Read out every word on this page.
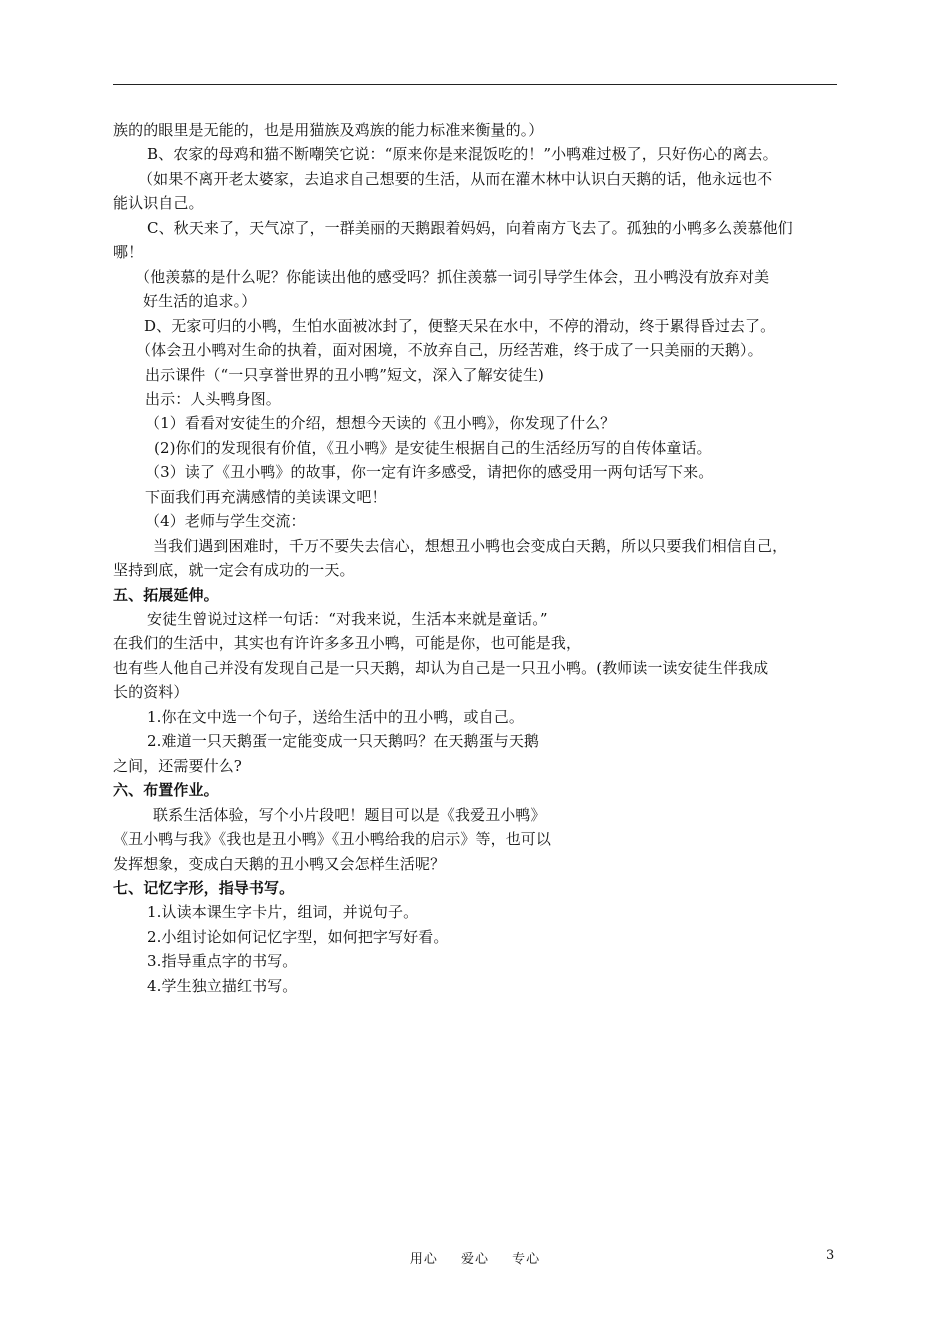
族的的眼里是无能的，也是用猫族及鸡族的能力标准来衡量的。）
B、农家的母鸡和猫不断嘲笑它说：“原来你是来混饭吃的！”小鸭难过极了，只好伤心的离去。
（如果不离开老太婆家，去追求自己想要的生活，从而在灌木林中认识白天鹅的话，他永远也不
能认识自己。
C、秋天来了，天气凉了，一群美丽的天鹅跟着妈妈，向着南方飞去了。孤独的小鸭多么羡慕他们
哪！
（他羡慕的是什么呢？你能读出他的感受吗？抓住羡慕一词引导学生体会，丑小鸭没有放弃对美
好生活的追求。）
D、无家可归的小鸭，生怕水面被冰封了，便整天呆在水中，不停的滑动，终于累得昏过去了。
（体会丑小鸭对生命的执着，面对困境，不放弃自己，历经苦难，终于成了一只美丽的天鹅）。
出示课件（“一只享誉世界的丑小鸭”短文，深入了解安徒生)
出示：人头鸭身图。
（1）看看对安徒生的介绍，想想今天读的《丑小鸭》，你发现了什么？
(2)你们的发现很有价值，《丑小鸭》是安徒生根据自己的生活经历写的自传体童话。
（3）读了《丑小鸭》的故事，你一定有许多感受，请把你的感受用一两句话写下来。
下面我们再充满感情的美读课文吧！
（4）老师与学生交流：
当我们遇到困难时，千万不要失去信心，想想丑小鸭也会变成白天鹅，所以只要我们相信自己，
坚持到底，就一定会有成功的一天。
五、拓展延伸。
安徒生曾说过这样一句话：“对我来说，生活本来就是童话。”
在我们的生活中，其实也有许许多多丑小鸭，可能是你，也可能是我，
也有些人他自己并没有发现自己是一只天鹅，却认为自己是一只丑小鸭。(教师读一读安徒生伴我成
长的资料）
1.你在文中选一个句子，送给生活中的丑小鸭，或自己。
2.难道一只天鹅蛋一定能变成一只天鹅吗？在天鹅蛋与天鹅
之间，还需要什么?
六、布置作业。
联系生活体验，写个小片段吧！题目可以是《我爱丑小鸭》
《丑小鸭与我》《我也是丑小鸭》《丑小鸭给我的启示》等，也可以
发挥想象，变成白天鹅的丑小鸭又会怎样生活呢？
七、记忆字形，指导书写。
1.认读本课生字卡片，组词，并说句子。
2.小组讨论如何记忆字型，如何把字写好看。
3.指导重点字的书写。
4.学生独立描红书写。
用心 爱心 专心	3
